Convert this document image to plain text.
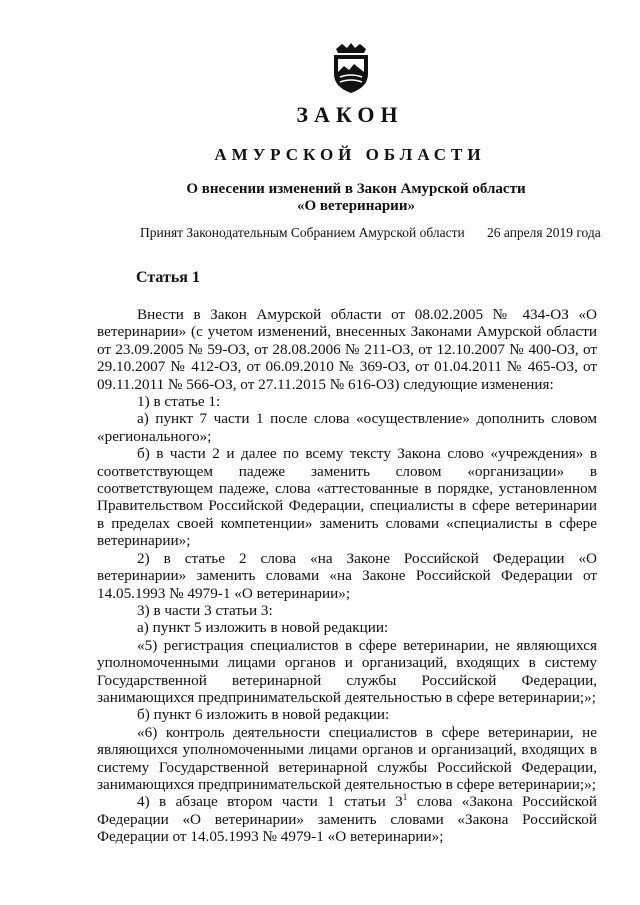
ЗАКОН
АМУРСКОЙ ОБЛАСТИ
О внесении изменений в Закон Амурской области
«О ветеринарии»
Принят Законодательным Собранием Амурской области 26 апреля 2019 года
Статья 1

Внести в Закон Амурской области от 08.02.2005 № 434-ОЗ «О ветеринарии» (с учетом изменений, внесенных Законами Амурской области от 23.09.2005 № 59-ОЗ, от 28.08.2006 № 211-ОЗ, от 12.10.2007 № 400-ОЗ, от 29.10.2007 № 412-ОЗ, от 06.09.2010 № 369-ОЗ, от 01.04.2011 № 465-ОЗ, от 09.11.2011 № 566-ОЗ, от 27.11.2015 № 616-ОЗ) следующие изменения:

1) в статье 1:

а) пункт 7 части 1 после слова «осуществление» дополнить словом «регионального»;

б) в части 2 и далее по всему тексту Закона слово «учреждения» в соответствующем падеже заменить словом «организации» в соответствующем падеже, слова «аттестованные в порядке, установленном Правительством Российской Федерации, специалисты в сфере ветеринарии в пределах своей компетенции» заменить словами «специалисты в сфере ветеринарии»;

2) в статье 2 слова «на Законе Российской Федерации «О ветеринарии» заменить словами «на Законе Российской Федерации от 14.05.1993 № 4979-1 «О ветеринарии»;

3) в части 3 статьи 3:

а) пункт 5 изложить в новой редакции:

«5) регистрация специалистов в сфере ветеринарии, не являющихся уполномоченными лицами органов и организаций, входящих в систему Государственной ветеринарной службы Российской Федерации, занимающихся предпринимательской деятельностью в сфере ветеринарии;»;

б) пункт 6 изложить в новой редакции:

«6) контроль деятельности специалистов в сфере ветеринарии, не являющихся уполномоченными лицами органов и организаций, входящих в систему Государственной ветеринарной службы Российской Федерации, занимающихся предпринимательской деятельностью в сфере ветеринарии;»;

4) в абзаце втором части 1 статьи $3^1$ слова «Закона Российской Федерации «О ветеринарии» заменить словами «Закона Российской Федерации от 14.05.1993 № 4979-1 «О ветеринарии»;
